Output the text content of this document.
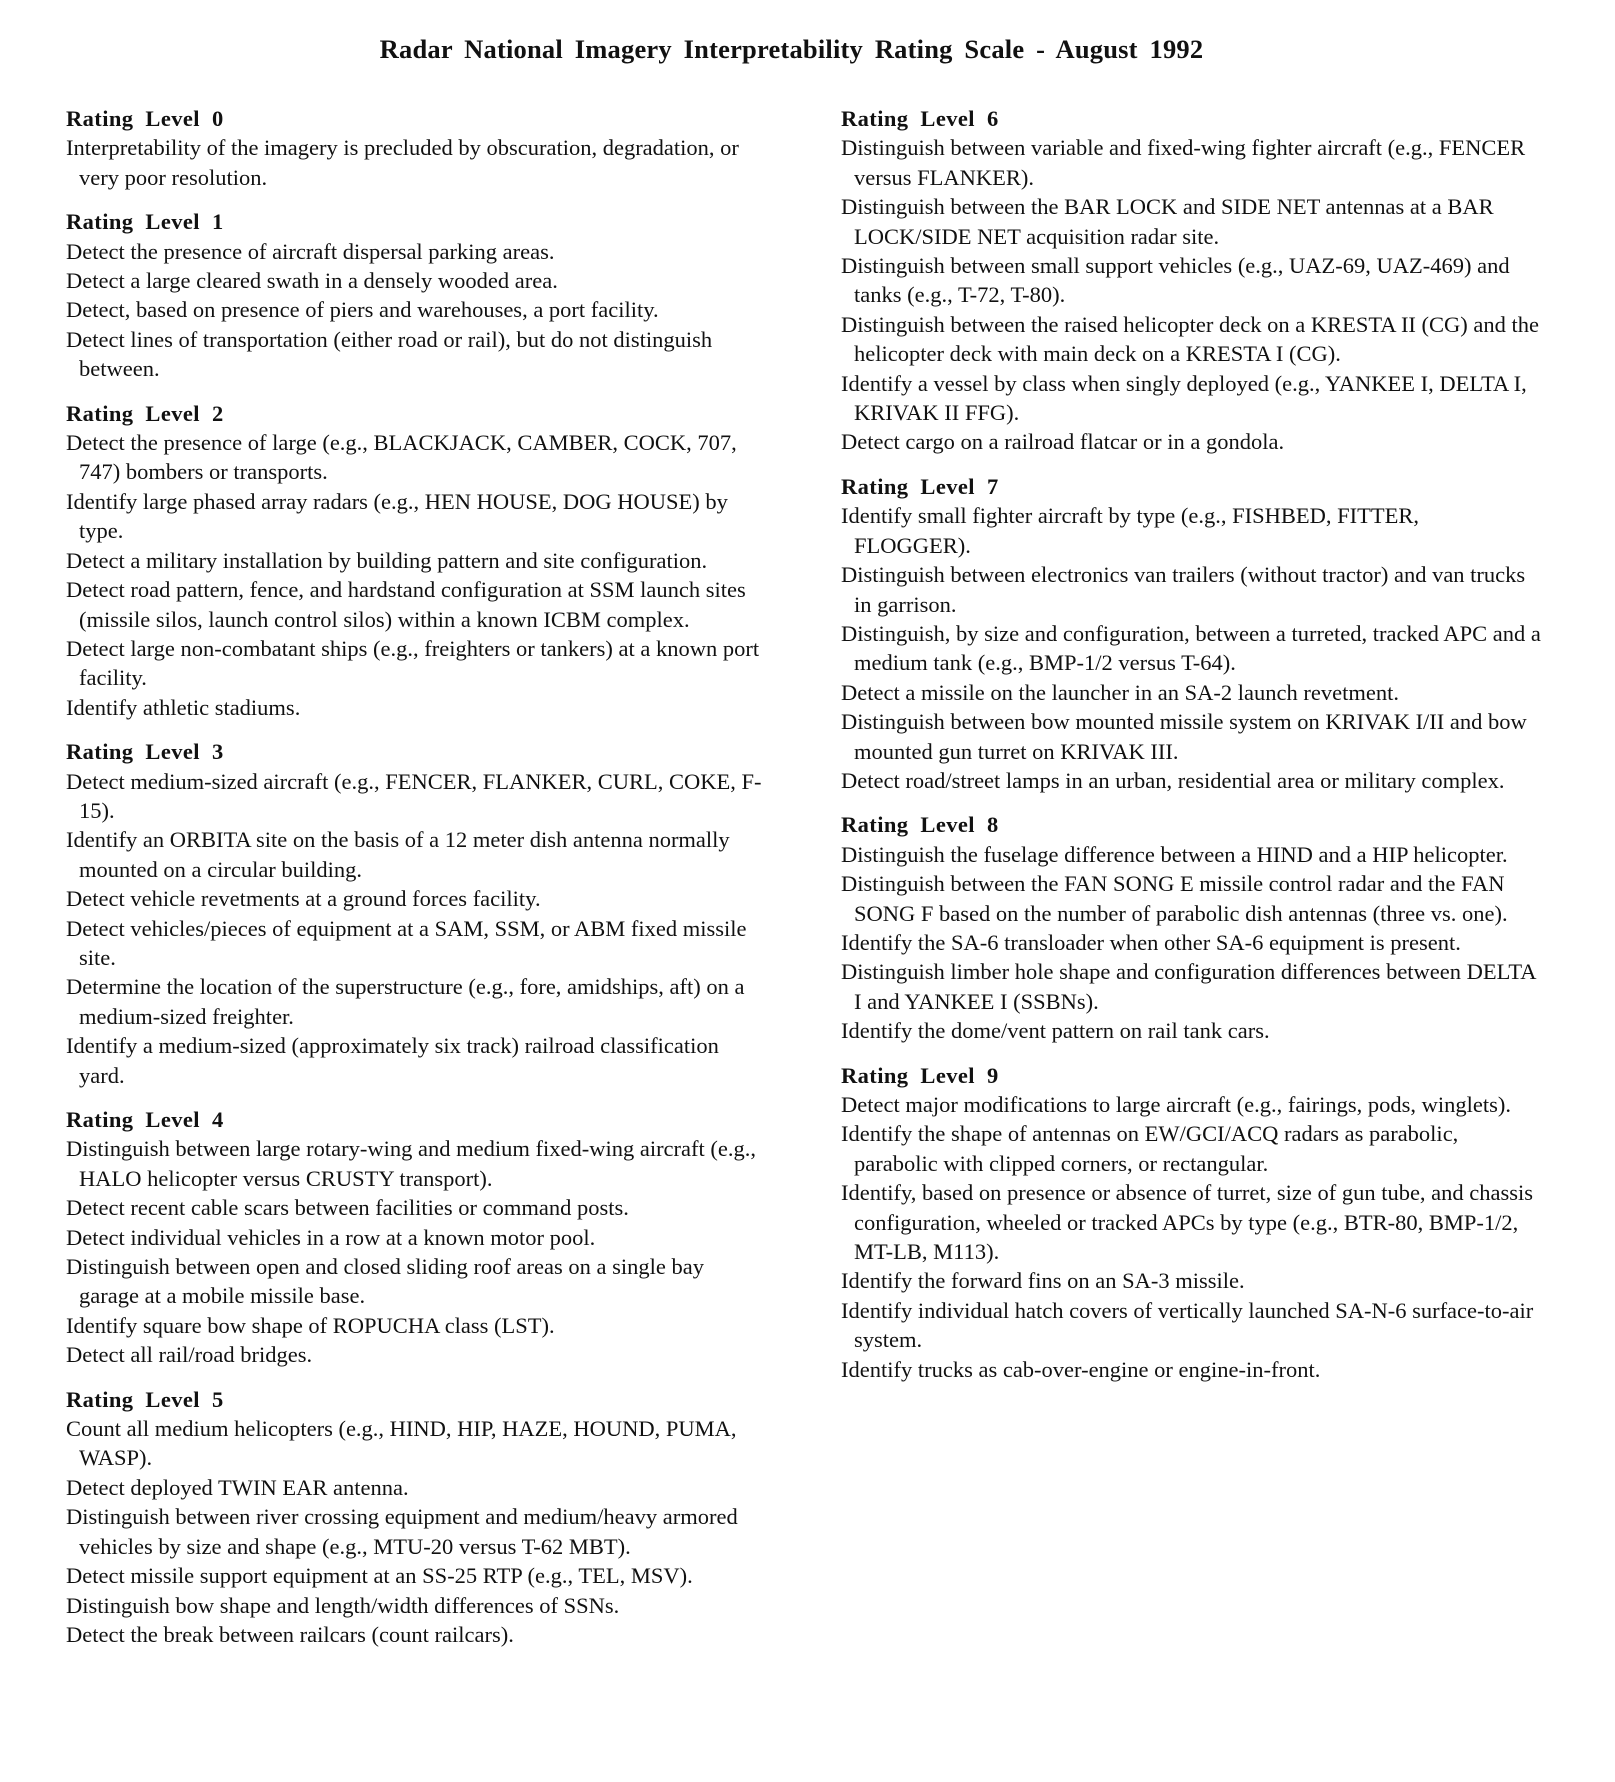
Radar National Imagery Interpretability Rating Scale - August 1992
Rating Level 0
Interpretability of the imagery is precluded by obscuration, degradation, or very poor resolution.
Rating Level 1
Detect the presence of aircraft dispersal parking areas.
Detect a large cleared swath in a densely wooded area.
Detect, based on presence of piers and warehouses, a port facility.
Detect lines of transportation (either road or rail), but do not distinguish between.
Rating Level 2
Detect the presence of large (e.g., BLACKJACK, CAMBER, COCK, 707, 747) bombers or transports.
Identify large phased array radars (e.g., HEN HOUSE, DOG HOUSE) by type.
Detect a military installation by building pattern and site configuration.
Detect road pattern, fence, and hardstand configuration at SSM launch sites (missile silos, launch control silos) within a known ICBM complex.
Detect large non-combatant ships (e.g., freighters or tankers) at a known port facility.
Identify athletic stadiums.
Rating Level 3
Detect medium-sized aircraft (e.g., FENCER, FLANKER, CURL, COKE, F-15).
Identify an ORBITA site on the basis of a 12 meter dish antenna normally mounted on a circular building.
Detect vehicle revetments at a ground forces facility.
Detect vehicles/pieces of equipment at a SAM, SSM, or ABM fixed missile site.
Determine the location of the superstructure (e.g., fore, amidships, aft) on a medium-sized freighter.
Identify a medium-sized (approximately six track) railroad classification yard.
Rating Level 4
Distinguish between large rotary-wing and medium fixed-wing aircraft (e.g., HALO helicopter versus CRUSTY transport).
Detect recent cable scars between facilities or command posts.
Detect individual vehicles in a row at a known motor pool.
Distinguish between open and closed sliding roof areas on a single bay garage at a mobile missile base.
Identify square bow shape of ROPUCHA class (LST).
Detect all rail/road bridges.
Rating Level 5
Count all medium helicopters (e.g., HIND, HIP, HAZE, HOUND, PUMA, WASP).
Detect deployed TWIN EAR antenna.
Distinguish between river crossing equipment and medium/heavy armored vehicles by size and shape (e.g., MTU-20 versus T-62 MBT).
Detect missile support equipment at an SS-25 RTP (e.g., TEL, MSV).
Distinguish bow shape and length/width differences of SSNs.
Detect the break between railcars (count railcars).
Rating Level 6
Distinguish between variable and fixed-wing fighter aircraft (e.g., FENCER versus FLANKER).
Distinguish between the BAR LOCK and SIDE NET antennas at a BAR LOCK/SIDE NET acquisition radar site.
Distinguish between small support vehicles (e.g., UAZ-69, UAZ-469) and tanks (e.g., T-72, T-80).
Distinguish between the raised helicopter deck on a KRESTA II (CG) and the helicopter deck with main deck on a KRESTA I (CG).
Identify a vessel by class when singly deployed (e.g., YANKEE I, DELTA I, KRIVAK II FFG).
Detect cargo on a railroad flatcar or in a gondola.
Rating Level 7
Identify small fighter aircraft by type (e.g., FISHBED, FITTER, FLOGGER).
Distinguish between electronics van trailers (without tractor) and van trucks in garrison.
Distinguish, by size and configuration, between a turreted, tracked APC and a medium tank (e.g., BMP-1/2 versus T-64).
Detect a missile on the launcher in an SA-2 launch revetment.
Distinguish between bow mounted missile system on KRIVAK I/II and bow mounted gun turret on KRIVAK III.
Detect road/street lamps in an urban, residential area or military complex.
Rating Level 8
Distinguish the fuselage difference between a HIND and a HIP helicopter.
Distinguish between the FAN SONG E missile control radar and the FAN SONG F based on the number of parabolic dish antennas (three vs. one).
Identify the SA-6 transloader when other SA-6 equipment is present.
Distinguish limber hole shape and configuration differences between DELTA I and YANKEE I (SSBNs).
Identify the dome/vent pattern on rail tank cars.
Rating Level 9
Detect major modifications to large aircraft (e.g., fairings, pods, winglets).
Identify the shape of antennas on EW/GCI/ACQ radars as parabolic, parabolic with clipped corners, or rectangular.
Identify, based on presence or absence of turret, size of gun tube, and chassis configuration, wheeled or tracked APCs by type (e.g., BTR-80, BMP-1/2, MT-LB, M113).
Identify the forward fins on an SA-3 missile.
Identify individual hatch covers of vertically launched SA-N-6 surface-to-air system.
Identify trucks as cab-over-engine or engine-in-front.
